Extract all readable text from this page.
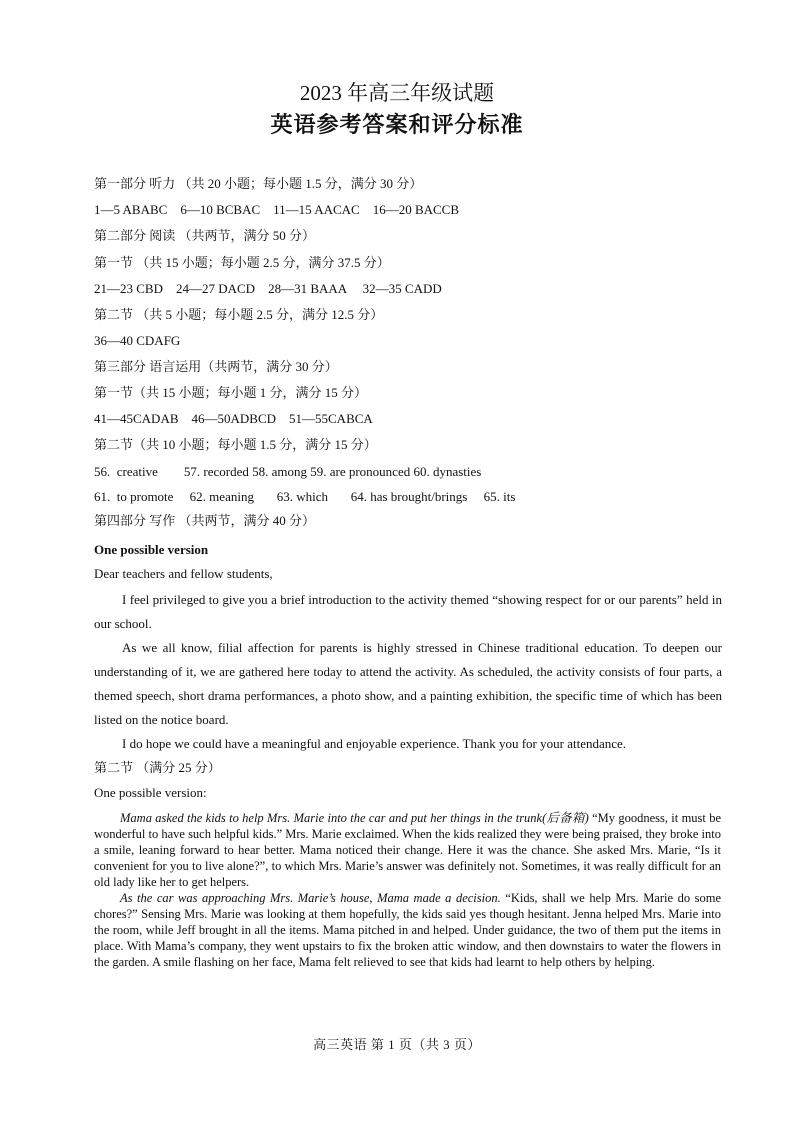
2023 年高三年级试题
英语参考答案和评分标准
第一部分 听力 （共 20 小题；每小题 1.5 分，满分 30 分）
1—5 ABABC    6—10 BCBAC    11—15 AACAC    16—20 BACCB
第二部分 阅读 （共两节，满分 50 分）
第一节 （共 15 小题；每小题 2.5 分，满分 37.5 分）
21—23 CBD    24—27 DACD    28—31 BAAA     32—35 CADD
第二节 （共 5 小题；每小题 2.5 分，满分 12.5 分）
36—40 CDAFG
第三部分 语言运用（共两节，满分 30 分）
第一节（共 15 小题；每小题 1 分，满分 15 分）
41—45CADAB    46—50ADBCD    51—55CABCA
第二节（共 10 小题；每小题 1.5 分，满分 15 分）
56.  creative        57. recorded 58. among 59. are pronounced 60. dynasties
61.  to promote     62. meaning       63. which       64. has brought/brings     65. its
第四部分 写作 （共两节，满分 40 分）
One possible version
Dear teachers and fellow students,

I feel privileged to give you a brief introduction to the activity themed “showing respect for or our parents” held in our school.

As we all know, filial affection for parents is highly stressed in Chinese traditional education. To deepen our understanding of it, we are gathered here today to attend the activity. As scheduled, the activity consists of four parts, a themed speech, short drama performances, a photo show, and a painting exhibition, the specific time of which has been listed on the notice board.

I do hope we could have a meaningful and enjoyable experience. Thank you for your attendance.

第二节 （满分 25 分）
One possible version:

Mama asked the kids to help Mrs. Marie into the car and put her things in the trunk(后备箱) “My goodness, it must be wonderful to have such helpful kids.” Mrs. Marie exclaimed. When the kids realized they were being praised, they broke into a smile, leaning forward to hear better. Mama noticed their change. Here it was the chance. She asked Mrs. Marie, “Is it convenient for you to live alone?”, to which Mrs. Marie’s answer was definitely not. Sometimes, it was really difficult for an old lady like her to get helpers.

As the car was approaching Mrs. Marie’s house, Mama made a decision. “Kids, shall we help Mrs. Marie do some chores?” Sensing Mrs. Marie was looking at them hopefully, the kids said yes though hesitant. Jenna helped Mrs. Marie into the room, while Jeff brought in all the items. Mama pitched in and helped. Under guidance, the two of them put the items in place. With Mama’s company, they went upstairs to fix the broken attic window, and then downstairs to water the flowers in the garden. A smile flashing on her face, Mama felt relieved to see that kids had learnt to help others by helping.

高三英语 第 1 页（共 3 页）
